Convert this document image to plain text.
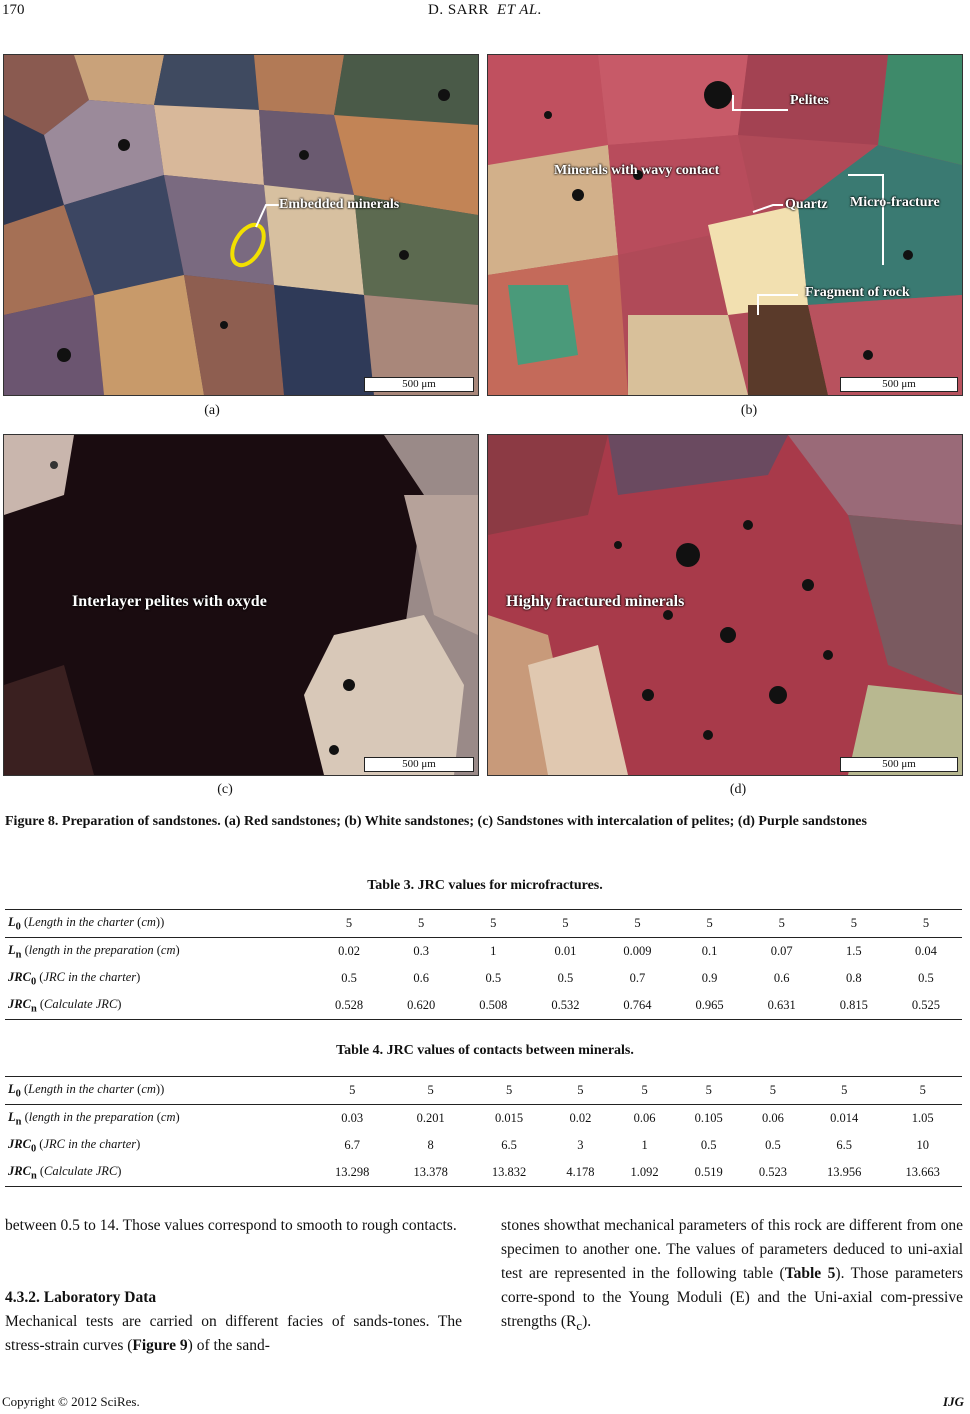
170	D. SARR ET AL.
Embedded minerals
500 μm
(a)
Pelites
Minerals with wavy contact
Quartz Micro-fracture
Fragment of rock
500 μm
(b)
Interlayer pelites with oxyde
500 μm
(c)
Highly fractured minerals
500 μm
(d)
Figure 8. Preparation of sandstones. (a) Red sandstones; (b) White sandstones; (c) Sandstones with intercalation of pelites; (d) Purple sandstones
Table 3. JRC values for microfractures.
$L_0$ (Length in the charter (cm))	5	5	5	5	5	5	5	5	5
$L_n$ (length in the preparation (cm)	0.02	0.3	1	0.01	0.009	0.1	0.07	1.5	0.04
$JRC_0$ (JRC in the charter)	0.5	0.6	0.5	0.5	0.7	0.9	0.6	0.8	0.5
$JRC_n$ (Calculate JRC)	0.528	0.620	0.508	0.532	0.764	0.965	0.631	0.815	0.525
Table 4. JRC values of contacts between minerals.
$L_0$ (Length in the charter (cm))	5	5	5	5	5	5	5	5	5
$L_n$ (length in the preparation (cm)	0.03	0.201	0.015	0.02	0.06	0.105	0.06	0.014	1.05
$JRC_0$ (JRC in the charter)	6.7	8	6.5	3	1	0.5	0.5	6.5	10
$JRC_n$ (Calculate JRC)	13.298	13.378	13.832	4.178	1.092	0.519	0.523	13.956	13.663
between 0.5 to 14. Those values correspond to smooth to rough contacts.
4.3.2. Laboratory Data
Mechanical tests are carried on different facies of sands-tones. The stress-strain curves (Figure 9) of the sand-
stones showthat mechanical parameters of this rock are different from one specimen to another one. The values of parameters deduced to uni-axial test are represented in the following table (Table 5). Those parameters corre-spond to the Young Moduli (E) and the Uni-axial com-pressive strengths $(R_c)$.
Copyright © 2012 SciRes.	IJG
